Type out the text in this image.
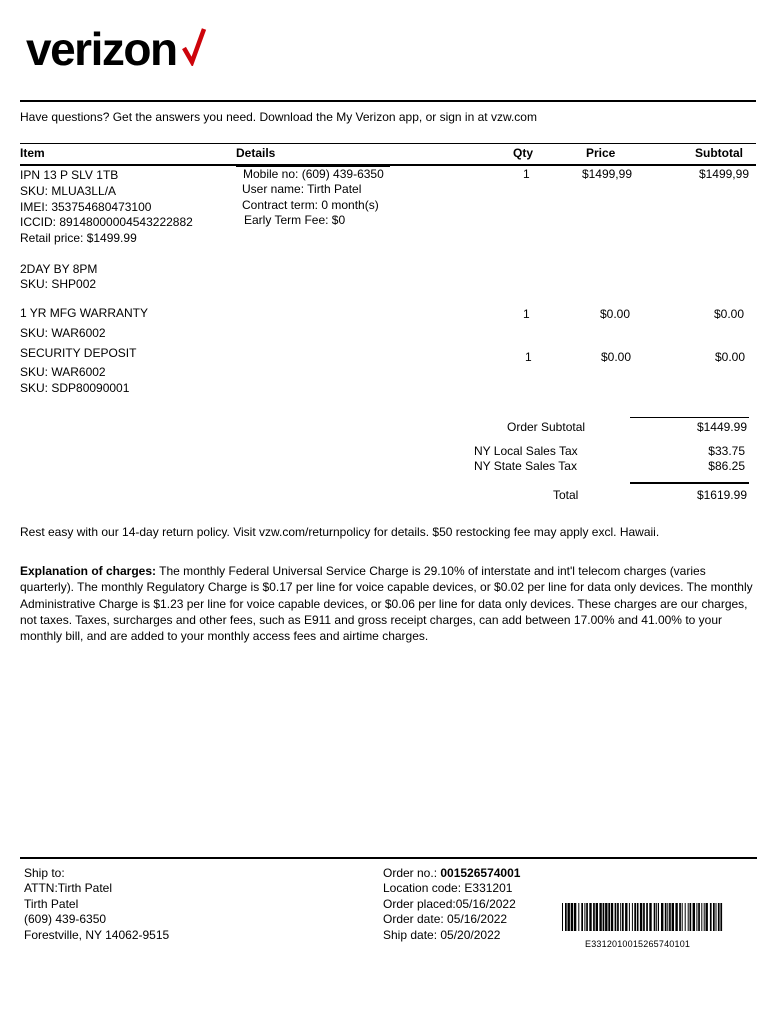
verizon
Have questions? Get the answers you need. Download the My Verizon app, or sign in at vzw.com
Item	Details	Qty	Price	Subtotal
IPN 13 P SLV 1TB
SKU: MLUA3LL/A
IMEI: 353754680473100
ICCID: 89148000004543222882
Retail price: $1499.99
Mobile no: (609) 439-6350
User name: Tirth Patel
Contract term: 0 month(s)
Early Term Fee: $0
1	$1499,99	$1499,99
2DAY BY 8PM
SKU: SHP002
1 YR MFG WARRANTY
SKU: WAR6002
1	$0.00	$0.00
SECURITY DEPOSIT
SKU: WAR6002
SKU: SDP80090001
1	$0.00	$0.00
Order Subtotal	$1449.99
NY Local Sales Tax	$33.75
NY State Sales Tax	$86.25
Total	$1619.99
Rest easy with our 14-day return policy. Visit vzw.com/returnpolicy for details. $50 restocking fee may apply excl. Hawaii.
Explanation of charges: The monthly Federal Universal Service Charge is 29.10% of interstate and int'l telecom charges (varies quarterly). The monthly Regulatory Charge is $0.17 per line for voice capable devices, or $0.02 per line for data only devices. The monthly Administrative Charge is $1.23 per line for voice capable devices, or $0.06 per line for data only devices. These charges are our charges, not taxes. Taxes, surcharges and other fees, such as E911 and gross receipt charges, can add between 17.00% and 41.00% to your monthly bill, and are added to your monthly access fees and airtime charges.
Ship to:
ATTN:Tirth Patel
Tirth Patel
(609) 439-6350
Forestville, NY 14062-9515
Order no.: 001526574001
Location code: E331201
Order placed:05/16/2022
Order date: 05/16/2022
Ship date: 05/20/2022
E3312010015265740101
